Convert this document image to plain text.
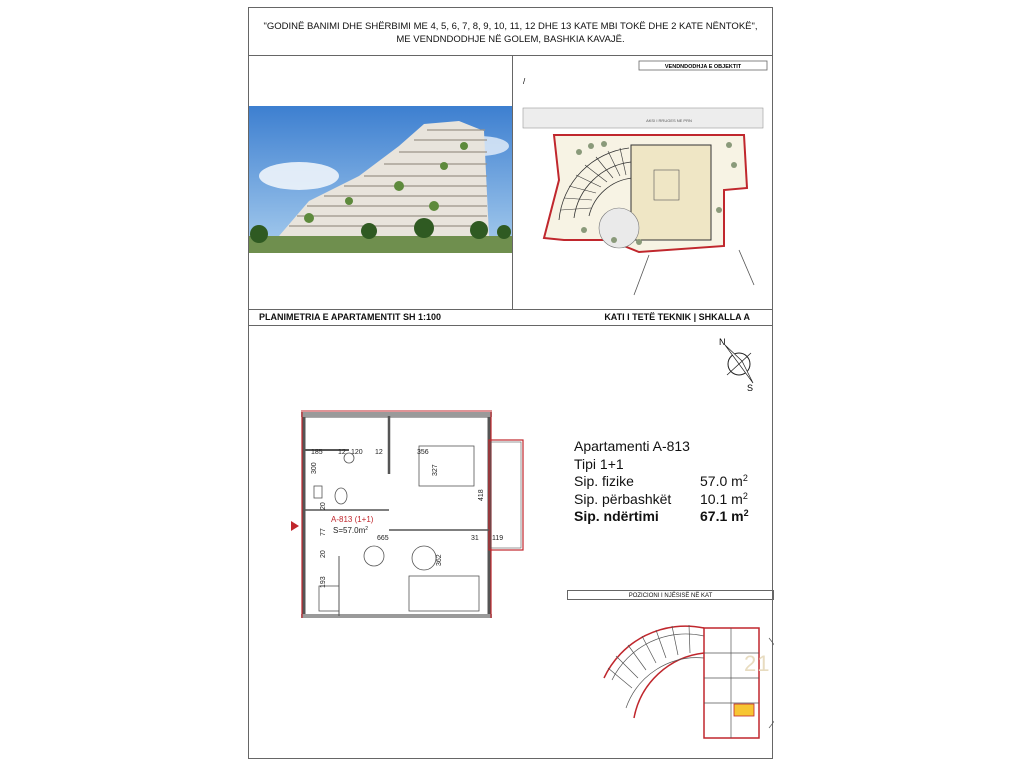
"GODINË BANIMI DHE SHËRBIMI ME 4, 5, 6, 7, 8, 9, 10, 11, 12 DHE 13 KATE MBI TOKË DHE 2 KATE NËNTOKË",
ME VENDNDODHJE NË GOLEM, BASHKIA KAVAJË.
VENDNDODHJA E OBJEKTIT
/
AKSI I RRUGES NE PRN
PLANIMETRIA E APARTAMENTIT SH 1:100	KATI I TETË TEKNIK | SHKALLA A
N
S
185 12 120 12	356
418
300	327
20
77
665	31 119
362
193
20
A-813 (1+1)
$S=57.0m^2$
Apartamenti A-813
Tipi 1+1
Sip. fizike	57.0 $m^2$
Sip. përbashkët 10.1 $m^2$
Sip. ndërtimi	67.1 $m^2$
POZICIONI I NJËSISË NË KAT
21
